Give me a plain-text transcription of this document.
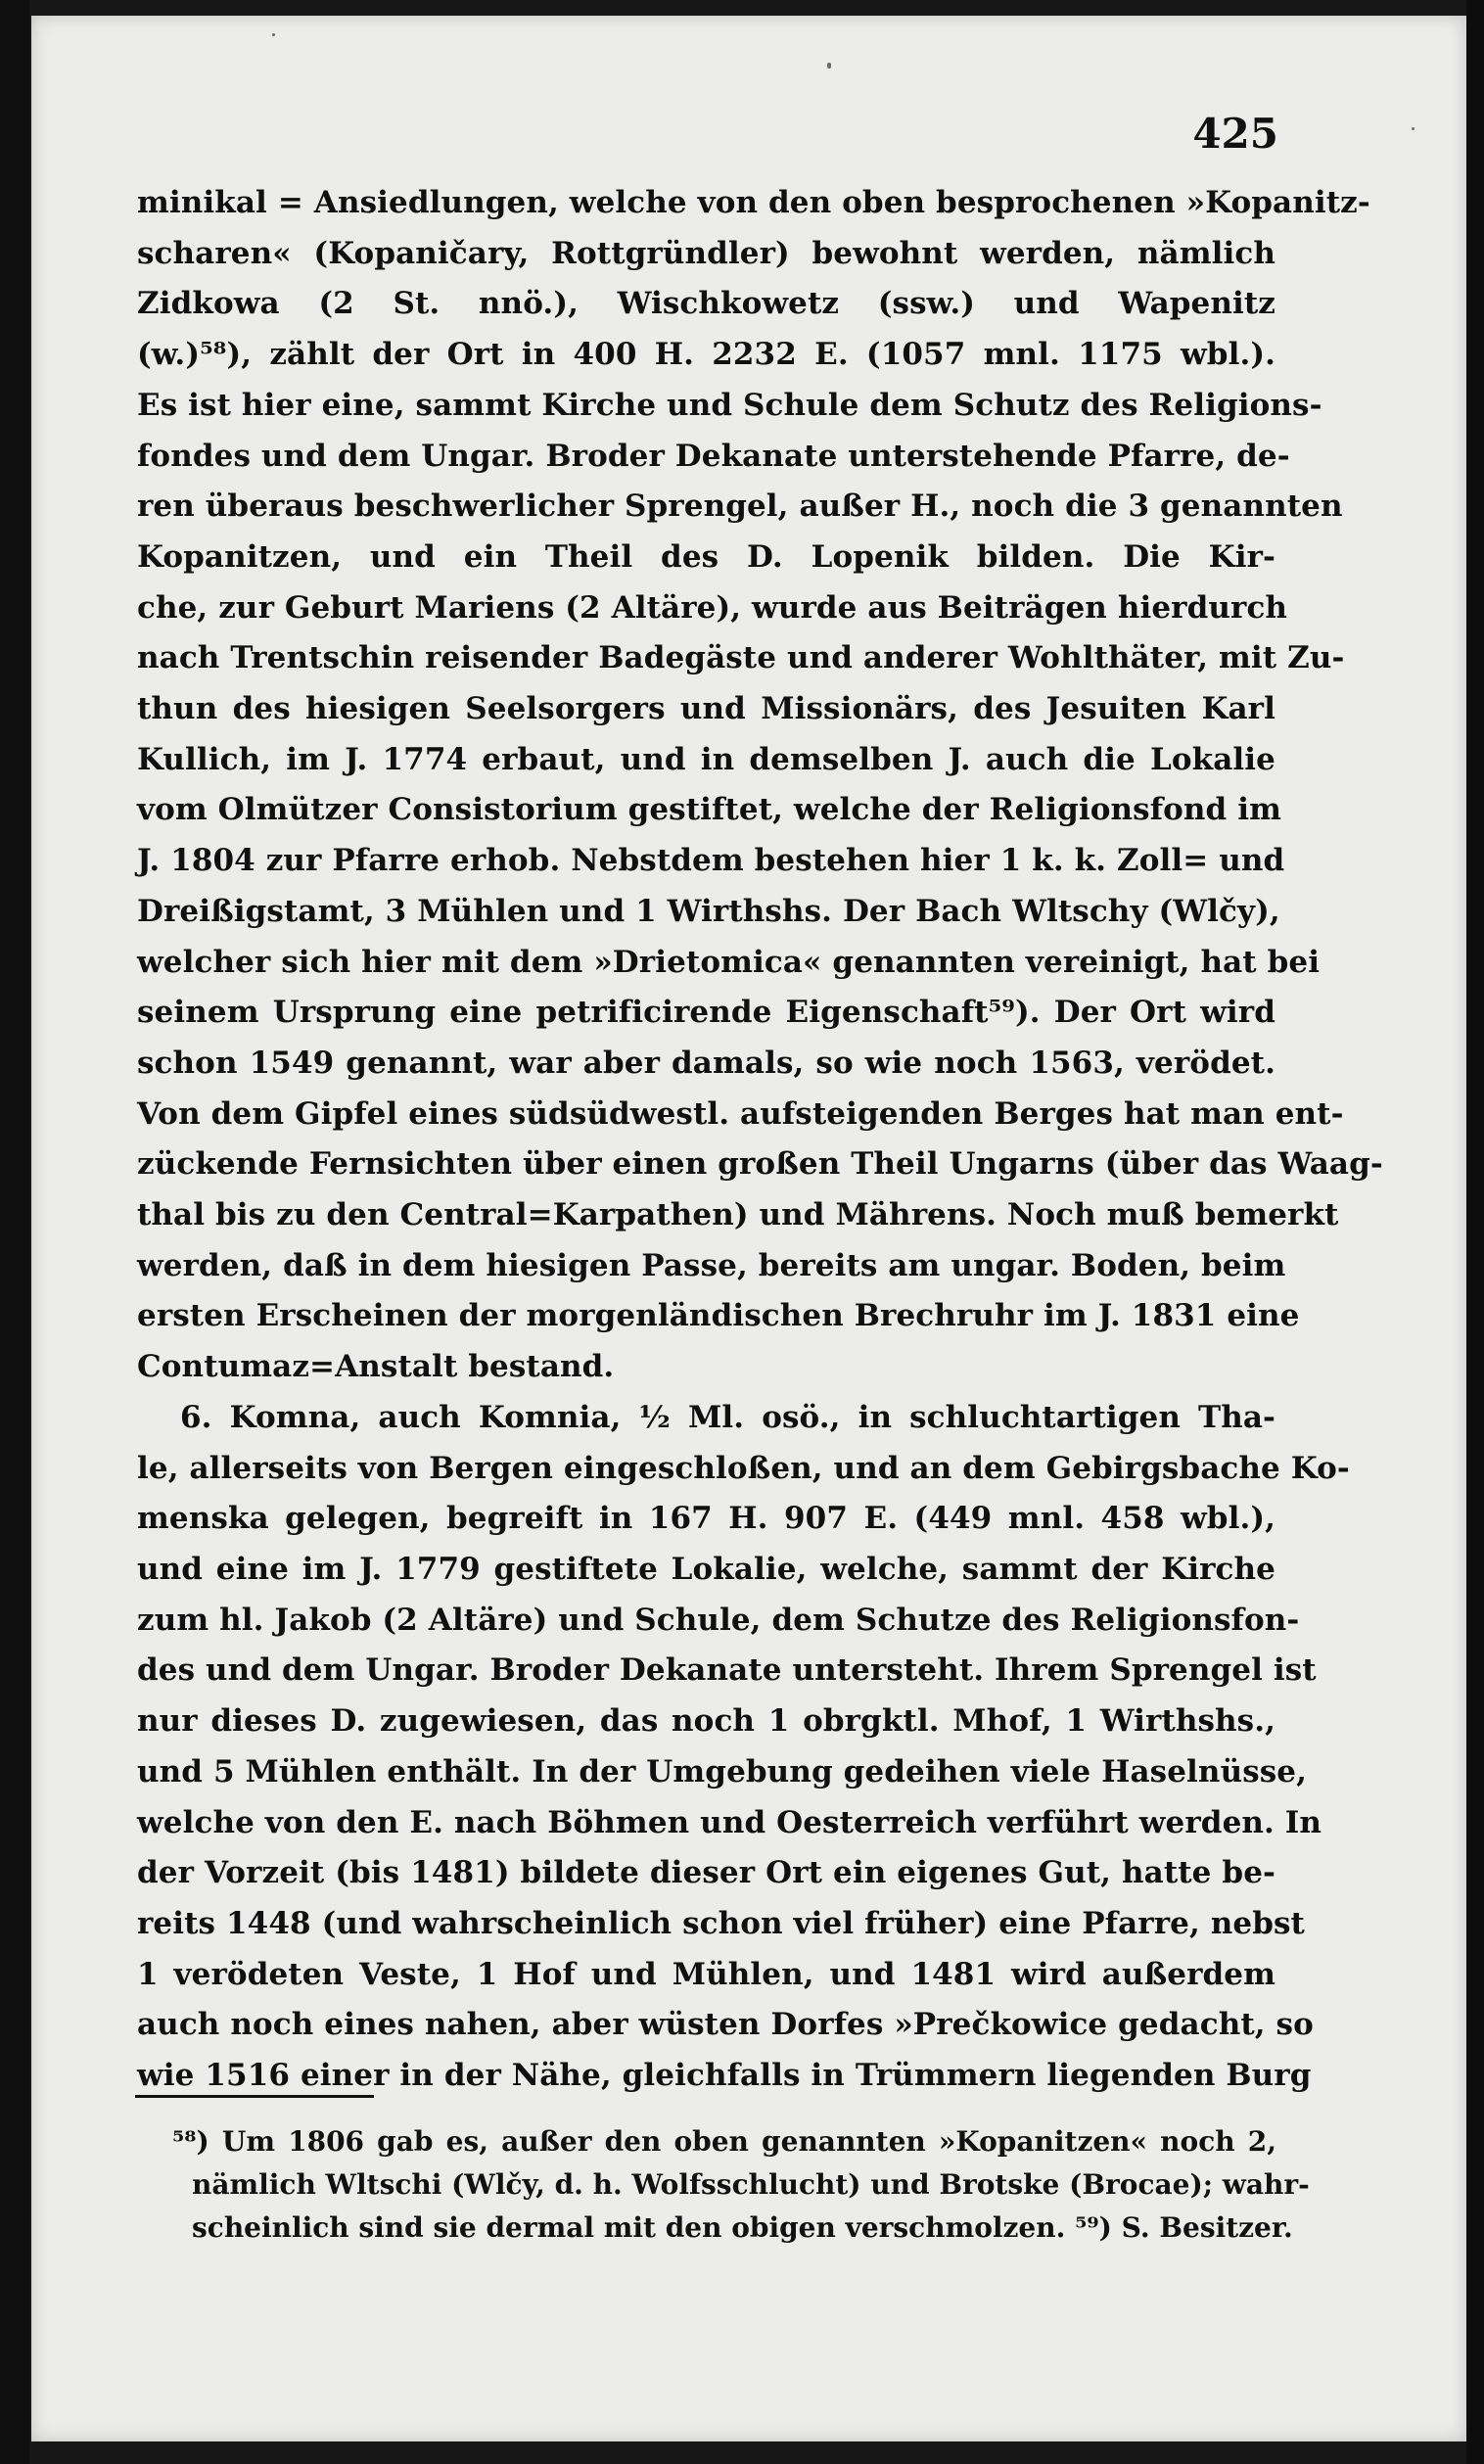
425
minikal = Ansiedlungen, welche von den oben besprochenen »Kopanitz-
scharen« (Kopaničary, Rottgründler) bewohnt werden, nämlich
Zidkowa (2 St. nnö.), Wischkowetz (ssw.) und Wapenitz
(w.)⁵⁸), zählt der Ort in 400 H. 2232 E. (1057 mnl. 1175 wbl.).
Es ist hier eine, sammt Kirche und Schule dem Schutz des Religions-
fondes und dem Ungar. Broder Dekanate unterstehende Pfarre, de-
ren überaus beschwerlicher Sprengel, außer H., noch die 3 genannten
Kopanitzen, und ein Theil des D. Lopenik bilden. Die Kir-
che, zur Geburt Mariens (2 Altäre), wurde aus Beiträgen hierdurch
nach Trentschin reisender Badegäste und anderer Wohlthäter, mit Zu-
thun des hiesigen Seelsorgers und Missionärs, des Jesuiten Karl
Kullich, im J. 1774 erbaut, und in demselben J. auch die Lokalie
vom Olmützer Consistorium gestiftet, welche der Religionsfond im
J. 1804 zur Pfarre erhob. Nebstdem bestehen hier 1 k. k. Zoll= und
Dreißigstamt, 3 Mühlen und 1 Wirthshs. Der Bach Wltschy (Wlčy),
welcher sich hier mit dem »Drietomica« genannten vereinigt, hat bei
seinem Ursprung eine petrificirende Eigenschaft⁵⁹). Der Ort wird
schon 1549 genannt, war aber damals, so wie noch 1563, verödet.
Von dem Gipfel eines südsüdwestl. aufsteigenden Berges hat man ent-
zückende Fernsichten über einen großen Theil Ungarns (über das Waag-
thal bis zu den Central=Karpathen) und Mährens. Noch muß bemerkt
werden, daß in dem hiesigen Passe, bereits am ungar. Boden, beim
ersten Erscheinen der morgenländischen Brechruhr im J. 1831 eine
Contumaz=Anstalt bestand.
6. Komna, auch Komnia, ½ Ml. osö., in schluchtartigen Tha-
le, allerseits von Bergen eingeschloßen, und an dem Gebirgsbache Ko-
menska gelegen, begreift in 167 H. 907 E. (449 mnl. 458 wbl.),
und eine im J. 1779 gestiftete Lokalie, welche, sammt der Kirche
zum hl. Jakob (2 Altäre) und Schule, dem Schutze des Religionsfon-
des und dem Ungar. Broder Dekanate untersteht. Ihrem Sprengel ist
nur dieses D. zugewiesen, das noch 1 obrgktl. Mhof, 1 Wirthshs.,
und 5 Mühlen enthält. In der Umgebung gedeihen viele Haselnüsse,
welche von den E. nach Böhmen und Oesterreich verführt werden. In
der Vorzeit (bis 1481) bildete dieser Ort ein eigenes Gut, hatte be-
reits 1448 (und wahrscheinlich schon viel früher) eine Pfarre, nebst
1 verödeten Veste, 1 Hof und Mühlen, und 1481 wird außerdem
auch noch eines nahen, aber wüsten Dorfes »Prečkowice gedacht, so
wie 1516 einer in der Nähe, gleichfalls in Trümmern liegenden Burg
⁵⁸) Um 1806 gab es, außer den oben genannten »Kopanitzen« noch 2,
nämlich Wltschi (Wlčy, d. h. Wolfsschlucht) und Brotske (Brocae); wahr-
scheinlich sind sie dermal mit den obigen verschmolzen. ⁵⁹) S. Besitzer.
